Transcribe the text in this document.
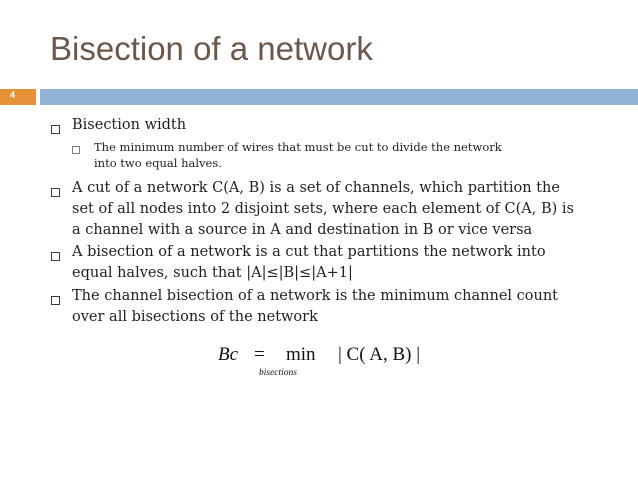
Bisection of a network
4
Bisection width
The minimum number of wires that must be cut to divide the network
into two equal halves.
A cut of a network C(A, B) is a set of channels, which partition the
set of all nodes into 2 disjoint sets, where each element of C(A, B) is
a channel with a source in A and destination in B or vice versa
A bisection of a network is a cut that partitions the network into
equal halves, such that |A|≤|B|≤|A+1|
The channel bisection of a network is the minimum channel count
over all bisections of the network
Bc = min
bisections
| C( A, B) |
